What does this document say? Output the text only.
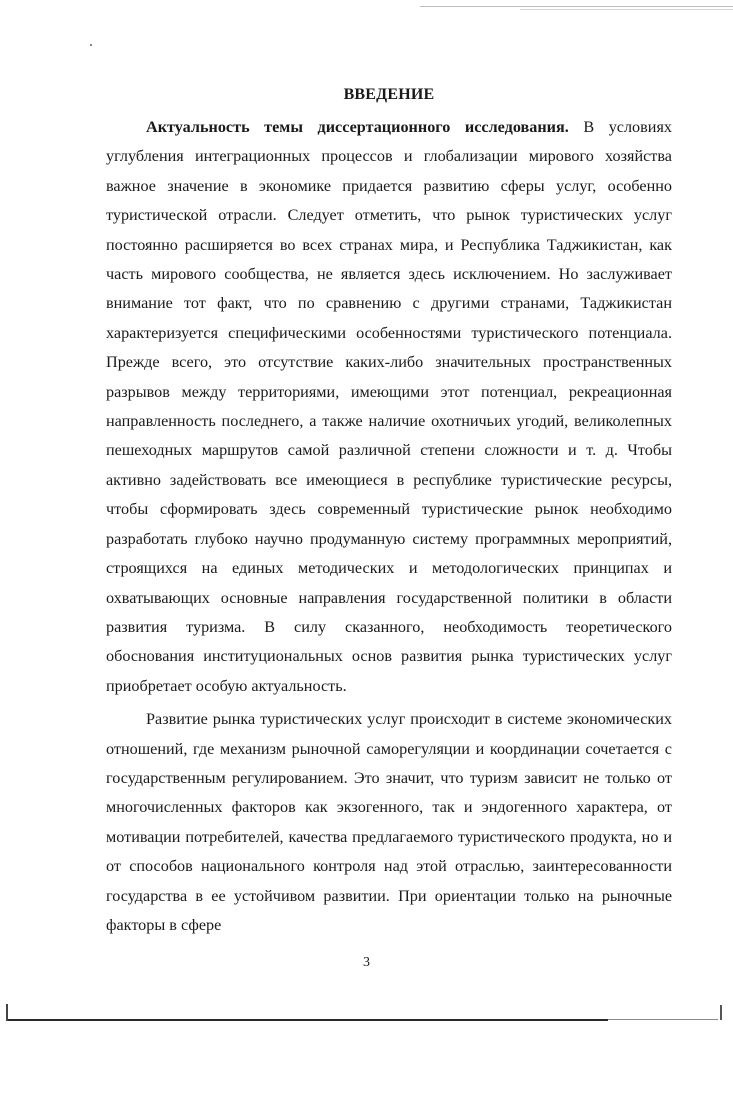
ВВЕДЕНИЕ

Актуальность темы диссертационного исследования. В условиях углубления интеграционных процессов и глобализации мирового хозяйства важное значение в экономике придается развитию сферы услуг, особенно туристической отрасли. Следует отметить, что рынок туристических услуг постоянно расширяется во всех странах мира, и Республика Таджикистан, как часть мирового сообщества, не является здесь исключением. Но заслуживает внимание тот факт, что по сравнению с другими странами, Таджикистан характеризуется специфическими особенностями туристического потенциала. Прежде всего, это отсутствие каких-либо значительных пространственных разрывов между территориями, имеющими этот потенциал, рекреационная направленность последнего, а также наличие охотничьих угодий, великолепных пешеходных маршрутов самой различной степени сложности и т. д. Чтобы активно задействовать все имеющиеся в республике туристические ресурсы, чтобы сформировать здесь современный туристические рынок необходимо разработать глубоко научно продуманную систему программных мероприятий, строящихся на единых методических и методологических принципах и охватывающих основные направления государственной политики в области развития туризма. В силу сказанного, необходимость теоретического обоснования институциональных основ развития рынка туристических услуг приобретает особую актуальность.

Развитие рынка туристических услуг происходит в системе экономических отношений, где механизм рыночной саморегуляции и координации сочетается с государственным регулированием. Это значит, что туризм зависит не только от многочисленных факторов как экзогенного, так и эндогенного характера, от мотивации потребителей, качества предлагаемого туристического продукта, но и от способов национального контроля над этой отраслью, заинтересованности государства в ее устойчивом развитии. При ориентации только на рыночные факторы в сфере

3
